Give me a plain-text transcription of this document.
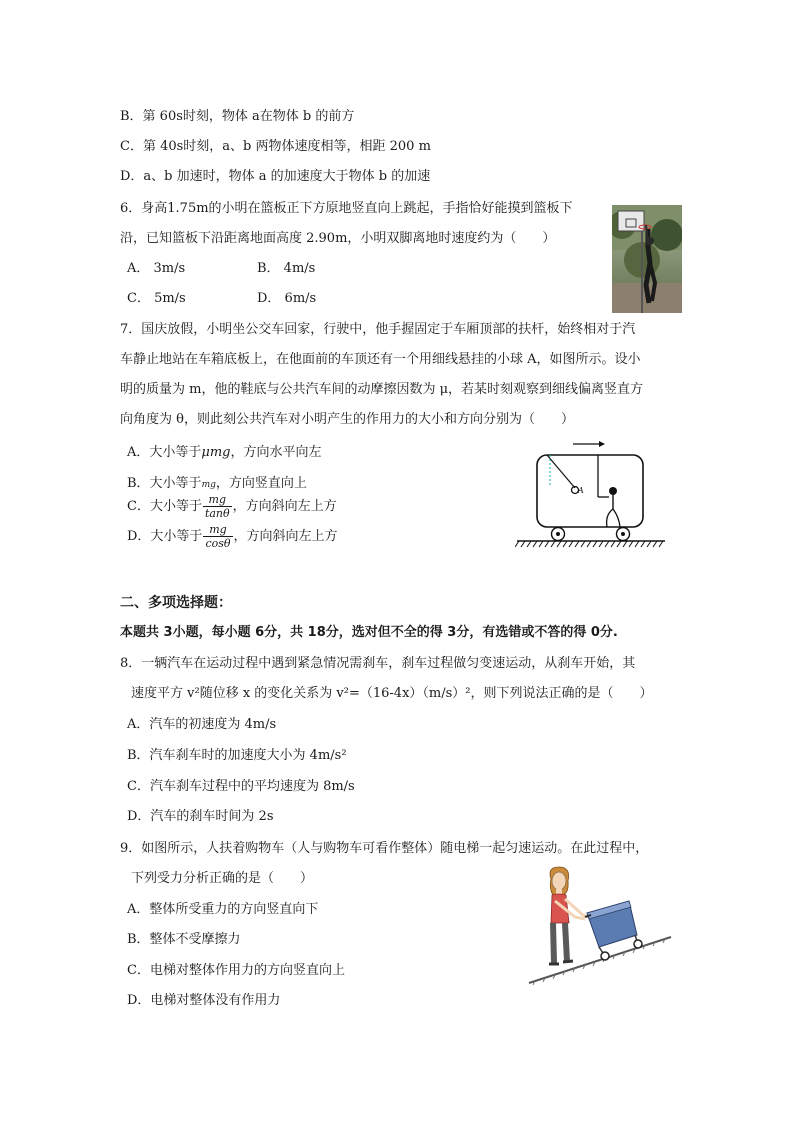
B．第 60s时刻，物体 a在物体 b 的前方
C．第 40s时刻，a、b 两物体速度相等，相距 200 m
D．a、b 加速时，物体 a 的加速度大于物体 b 的加速
6．身高1.75m的小明在篮板正下方原地竖直向上跳起，手指恰好能摸到篮板下
沿，已知篮板下沿距离地面高度 2.90m，小明双脚离地时速度约为（　　）
A． 3m/s	B． 4m/s
C． 5m/s	D． 6m/s
7．国庆放假，小明坐公交车回家，行驶中，他手握固定于车厢顶部的扶杆，始终相对于汽
车静止地站在车箱底板上，在他面前的车顶还有一个用细线悬挂的小球 A，如图所示。设小
明的质量为 m，他的鞋底与公共汽车间的动摩擦因数为 μ，若某时刻观察到细线偏离竖直方
向角度为 θ，则此刻公共汽车对小明产生的作用力的大小和方向分别为（　　）
A．大小等于μmg，方向水平向左
B．大小等于mg，方向竖直向上
C．大小等于 $\frac{mg}{\tan\theta}$ ，方向斜向左上方
D．大小等于 $\frac{mg}{\cos\theta}$ ，方向斜向左上方
A
二、多项选择题：
本题共 3小题，每小题 6分，共 18分，选对但不全的得 3分，有选错或不答的得 0分.
8．一辆汽车在运动过程中遇到紧急情况需刹车，刹车过程做匀变速运动，从刹车开始，其
速度平方 v²随位移 x 的变化关系为 v²=（16-4x）（m/s）²，则下列说法正确的是（　　）
A．汽车的初速度为 4m/s
B．汽车刹车时的加速度大小为 4m/s²
C．汽车刹车过程中的平均速度为 8m/s
D．汽车的刹车时间为 2s
9．如图所示，人扶着购物车（人与购物车可看作整体）随电梯一起匀速运动。在此过程中，
下列受力分析正确的是（　　）
A．整体所受重力的方向竖直向下
B．整体不受摩擦力
C．电梯对整体作用力的方向竖直向上
D．电梯对整体没有作用力
